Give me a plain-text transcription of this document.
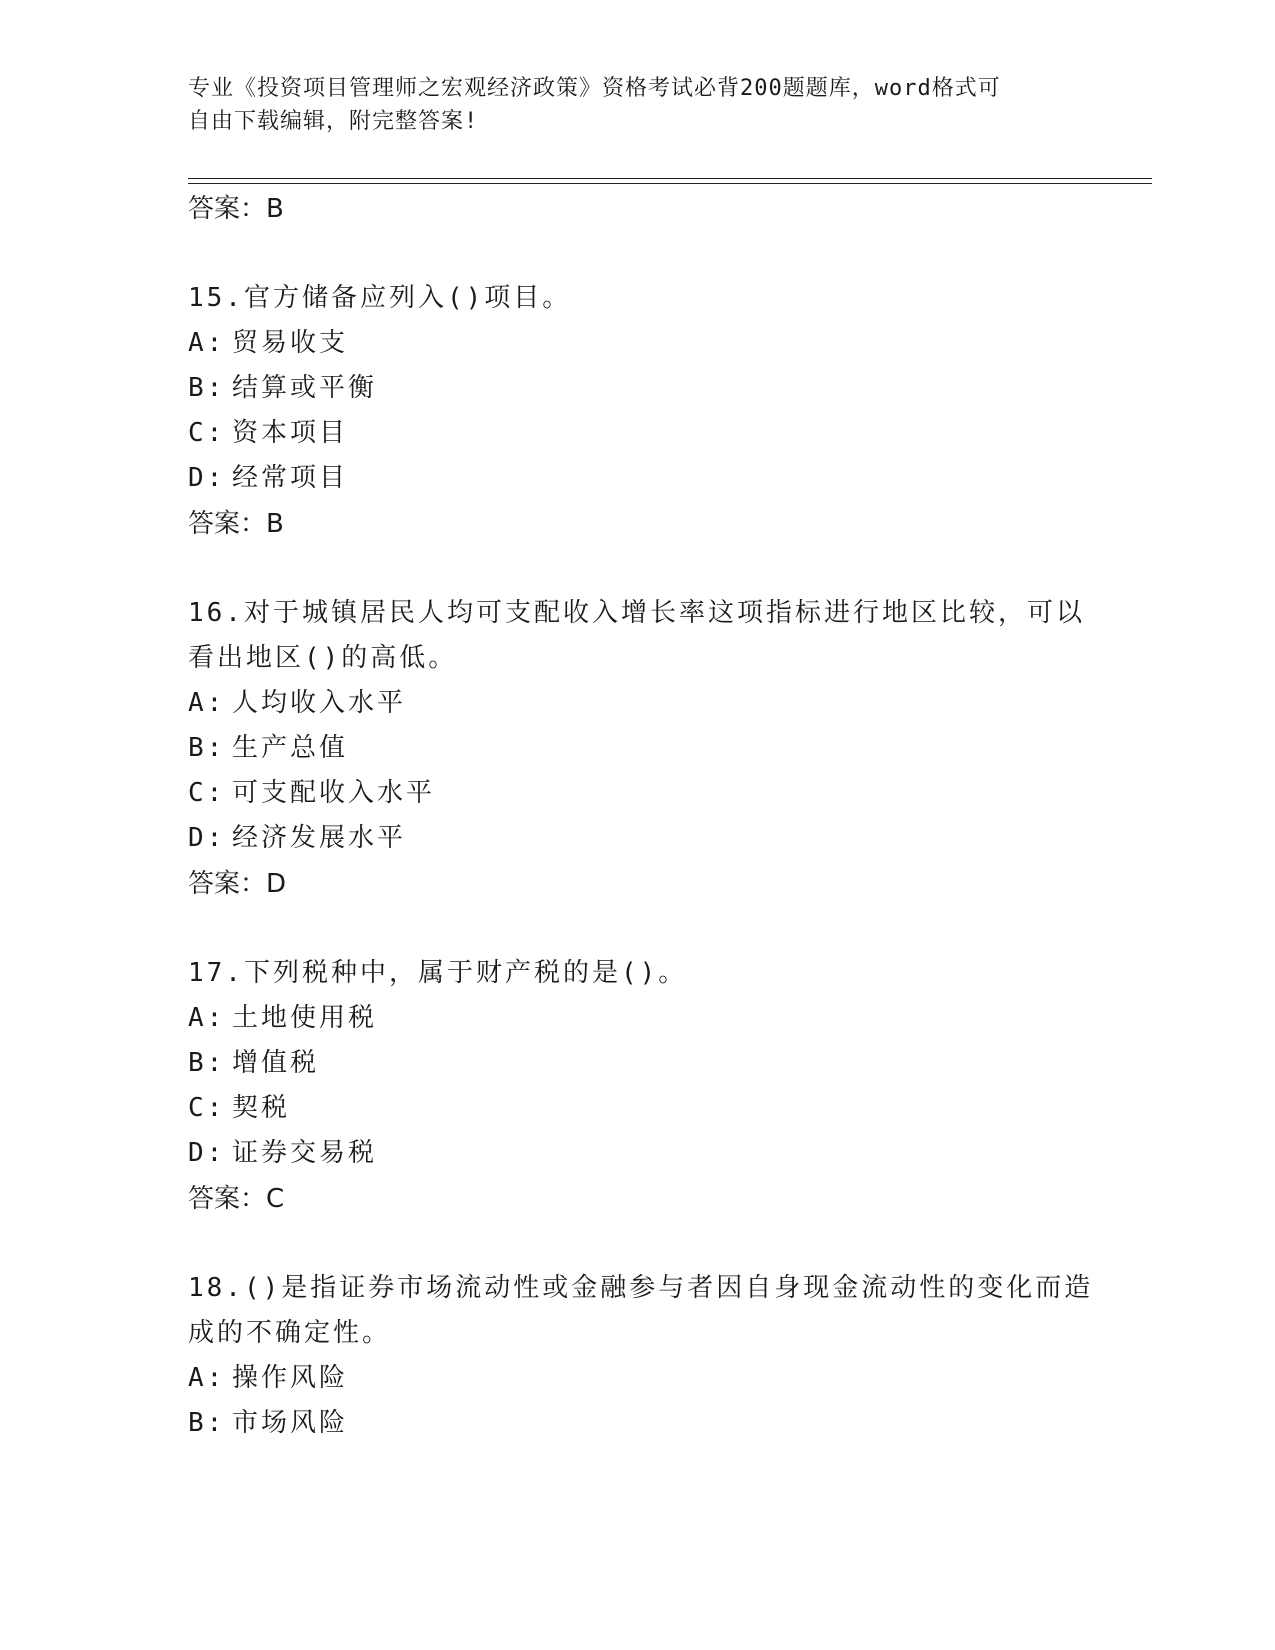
专业《投资项目管理师之宏观经济政策》资格考试必背200题题库，word格式可
自由下载编辑，附完整答案!
答案：B
15.官方储备应列入()项目。
A: 贸易收支
B: 结算或平衡
C: 资本项目
D: 经常项目
答案：B
16.对于城镇居民人均可支配收入增长率这项指标进行地区比较，可以
看出地区()的高低。
A: 人均收入水平
B: 生产总值
C: 可支配收入水平
D: 经济发展水平
答案：D
17.下列税种中，属于财产税的是()。
A: 土地使用税
B: 增值税
C: 契税
D: 证券交易税
答案：C
18.()是指证券市场流动性或金融参与者因自身现金流动性的变化而造
成的不确定性。
A: 操作风险
B: 市场风险
